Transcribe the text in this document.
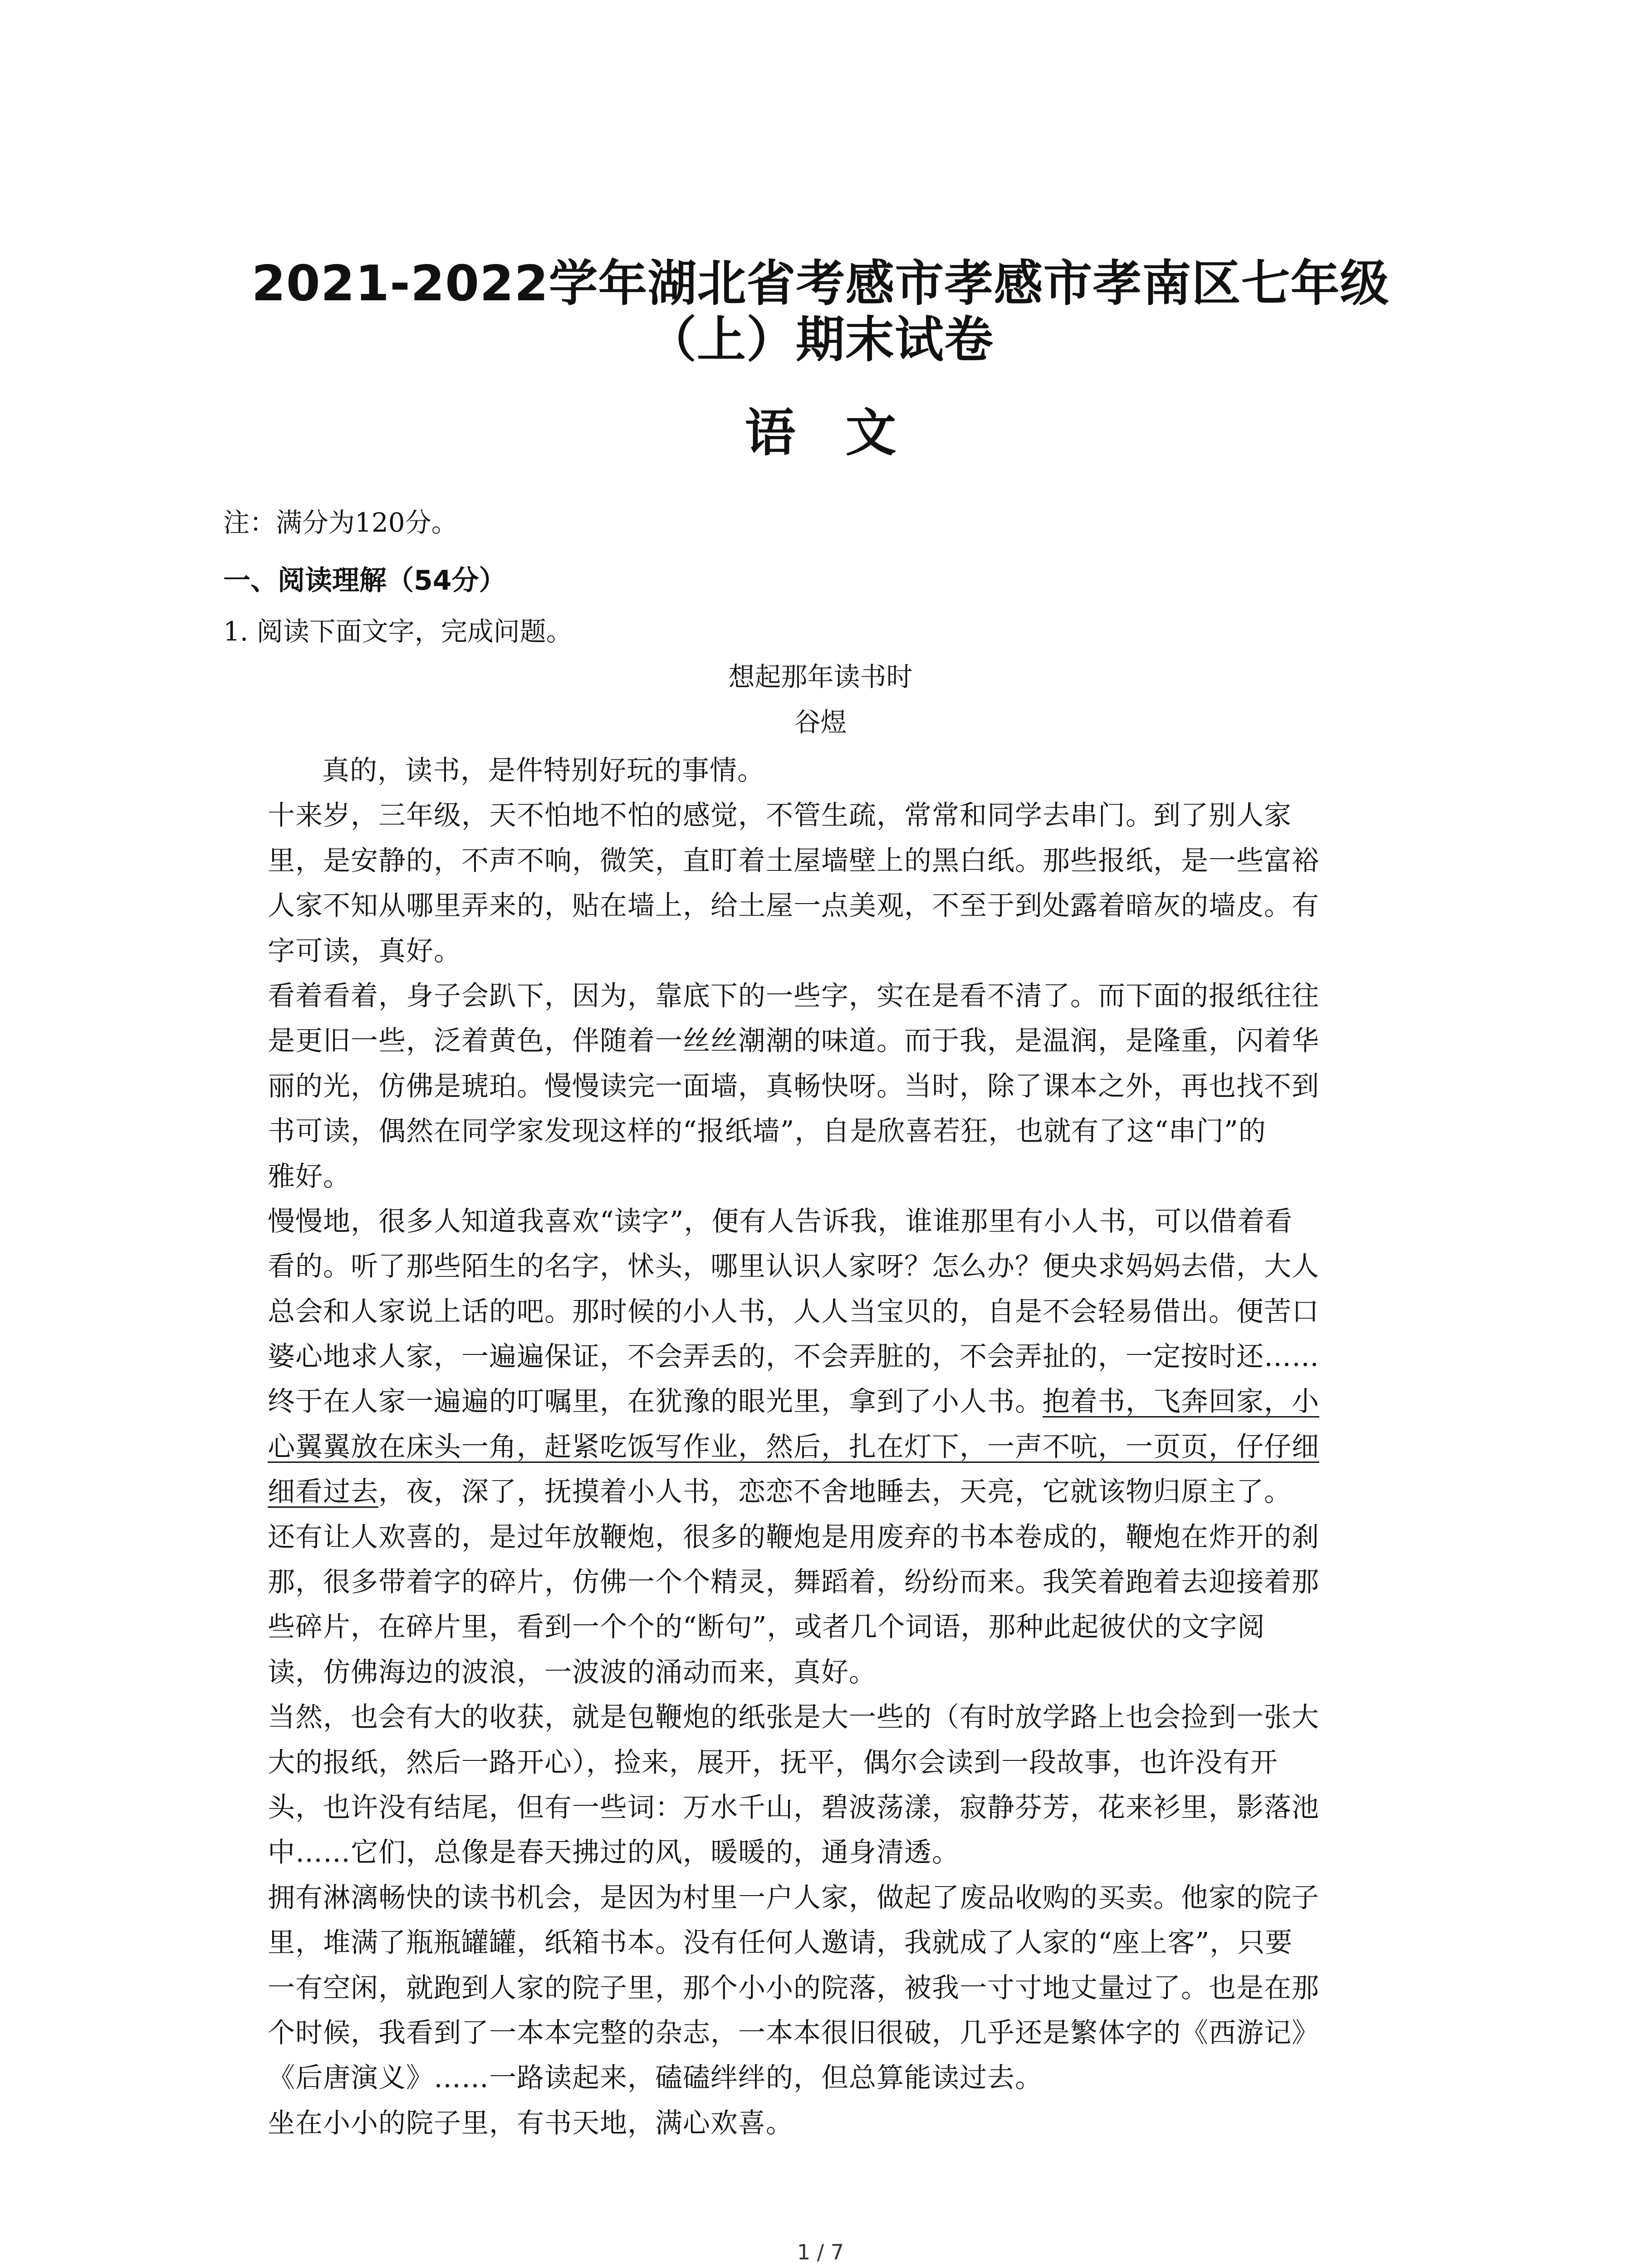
2021-2022学年湖北省考感市孝感市孝南区七年级
（上）期末试卷
语文
注：满分为120分。
一、阅读理解（54分）
1. 阅读下面文字，完成问题。
想起那年读书时
谷煜
真的，读书，是件特别好玩的事情。
十来岁，三年级，天不怕地不怕的感觉，不管生疏，常常和同学去串门。到了别人家
里，是安静的，不声不响，微笑，直盯着土屋墙壁上的黑白纸。那些报纸，是一些富裕
人家不知从哪里弄来的，贴在墙上，给土屋一点美观，不至于到处露着暗灰的墙皮。有
字可读，真好。
看着看着，身子会趴下，因为，靠底下的一些字，实在是看不清了。而下面的报纸往往
是更旧一些，泛着黄色，伴随着一丝丝潮潮的味道。而于我，是温润，是隆重，闪着华
丽的光，仿佛是琥珀。慢慢读完一面墙，真畅快呀。当时，除了课本之外，再也找不到
书可读，偶然在同学家发现这样的“报纸墙”，自是欣喜若狂，也就有了这“串门”的
雅好。
慢慢地，很多人知道我喜欢“读字”，便有人告诉我，谁谁那里有小人书，可以借着看
看的。听了那些陌生的名字，怵头，哪里认识人家呀？怎么办？便央求妈妈去借，大人
总会和人家说上话的吧。那时候的小人书，人人当宝贝的，自是不会轻易借出。便苦口
婆心地求人家，一遍遍保证，不会弄丢的，不会弄脏的，不会弄扯的，一定按时还……
终于在人家一遍遍的叮嘱里，在犹豫的眼光里，拿到了小人书。抱着书，飞奔回家，小
心翼翼放在床头一角，赶紧吃饭写作业，然后，扎在灯下，一声不吭，一页页，仔仔细
细看过去，夜，深了，抚摸着小人书，恋恋不舍地睡去，天亮，它就该物归原主了。
还有让人欢喜的，是过年放鞭炮，很多的鞭炮是用废弃的书本卷成的，鞭炮在炸开的刹
那，很多带着字的碎片，仿佛一个个精灵，舞蹈着，纷纷而来。我笑着跑着去迎接着那
些碎片，在碎片里，看到一个个的“断句”，或者几个词语，那种此起彼伏的文字阅
读，仿佛海边的波浪，一波波的涌动而来，真好。
当然，也会有大的收获，就是包鞭炮的纸张是大一些的（有时放学路上也会捡到一张大
大的报纸，然后一路开心），捡来，展开，抚平，偶尔会读到一段故事，也许没有开
头，也许没有结尾，但有一些词：万水千山，碧波荡漾，寂静芬芳，花来衫里，影落池
中……它们，总像是春天拂过的风，暖暖的，通身清透。
拥有淋漓畅快的读书机会，是因为村里一户人家，做起了废品收购的买卖。他家的院子
里，堆满了瓶瓶罐罐，纸箱书本。没有任何人邀请，我就成了人家的“座上客”，只要
一有空闲，就跑到人家的院子里，那个小小的院落，被我一寸寸地丈量过了。也是在那
个时候，我看到了一本本完整的杂志，一本本很旧很破，几乎还是繁体字的《西游记》
《后唐演义》……一路读起来，磕磕绊绊的，但总算能读过去。
坐在小小的院子里，有书天地，满心欢喜。
1 / 7
